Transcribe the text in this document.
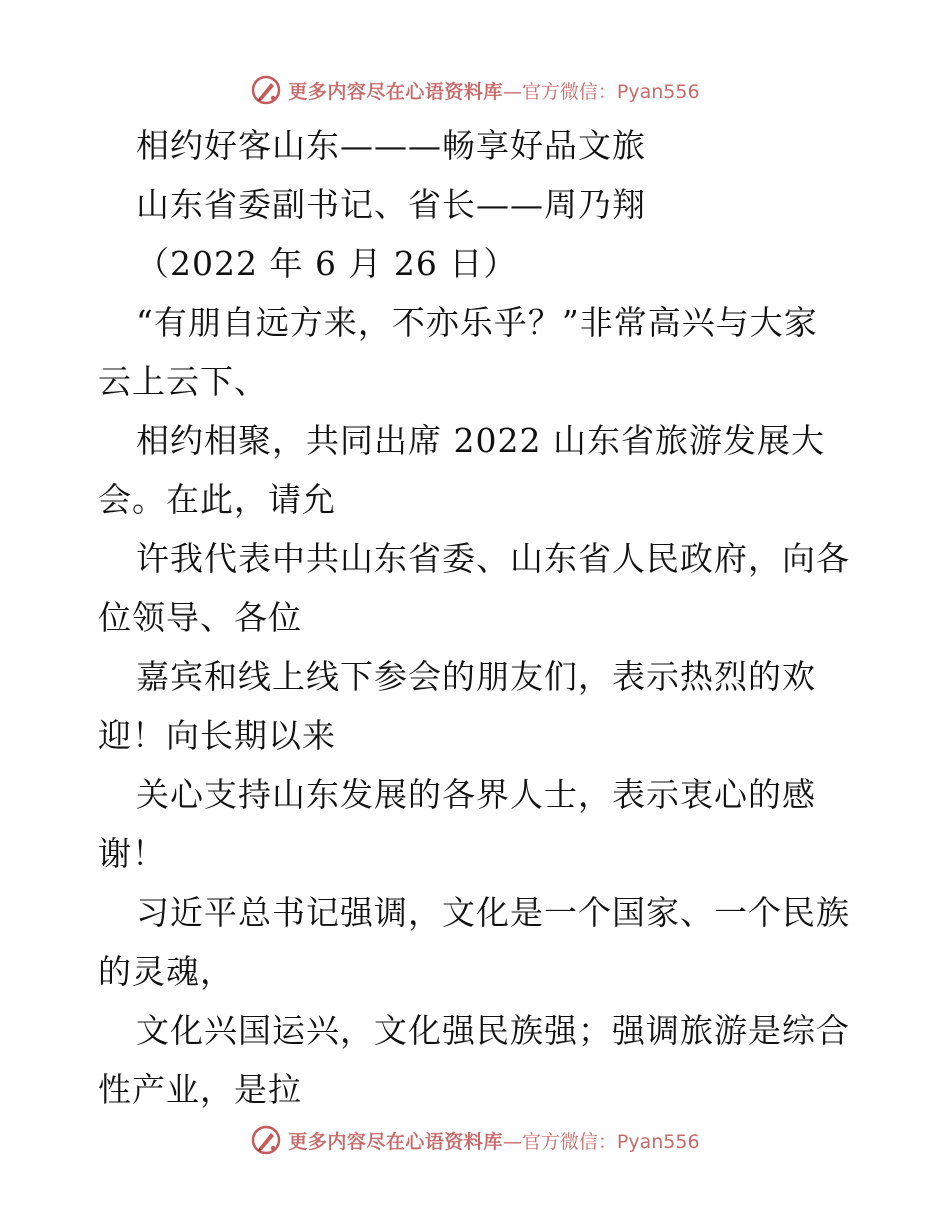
更多内容尽在心语资料库 —官方微信：Pyan556
相约好客山东———畅享好品文旅
山东省委副书记、省长——周乃翔
（2022 年 6 月 26 日）
“有朋自远方来，不亦乐乎？”非常高兴与大家
云上云下、
相约相聚，共同出席 2022 山东省旅游发展大
会。在此，请允
许我代表中共山东省委、山东省人民政府，向各
位领导、各位
嘉宾和线上线下参会的朋友们，表示热烈的欢
迎！向长期以来
关心支持山东发展的各界人士，表示衷心的感
谢！
习近平总书记强调，文化是一个国家、一个民族
的灵魂，
文化兴国运兴，文化强民族强；强调旅游是综合
性产业，是拉
更多内容尽在心语资料库 —官方微信：Pyan556
